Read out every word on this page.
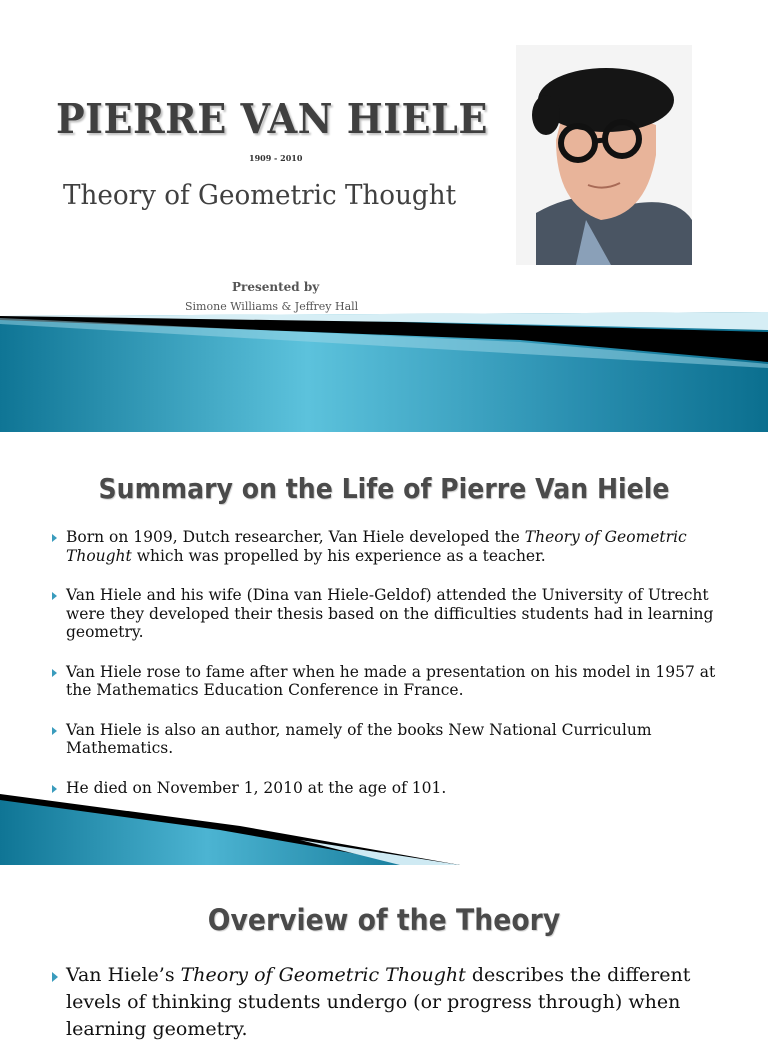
PIERRE VAN HIELE
1909 - 2010
Theory of Geometric Thought
Presented by
Simone Williams & Jeffrey Hall
Summary on the Life of Pierre Van Hiele
Born on 1909, Dutch researcher, Van Hiele developed the Theory of Geometric Thought which was propelled by his experience as a teacher.
Van Hiele and his wife (Dina van Hiele-Geldof) attended the University of Utrecht were they developed their thesis based on the difficulties students had in learning geometry.
Van Hiele rose to fame after when he made a presentation on his model in 1957 at the Mathematics Education Conference in France.
Van Hiele is also an author, namely of the books New National Curriculum Mathematics.
He died on November 1, 2010 at the age of 101.
Overview of the Theory
Van Hiele’s Theory of Geometric Thought describes the different levels of thinking students undergo (or progress through) when learning geometry.
